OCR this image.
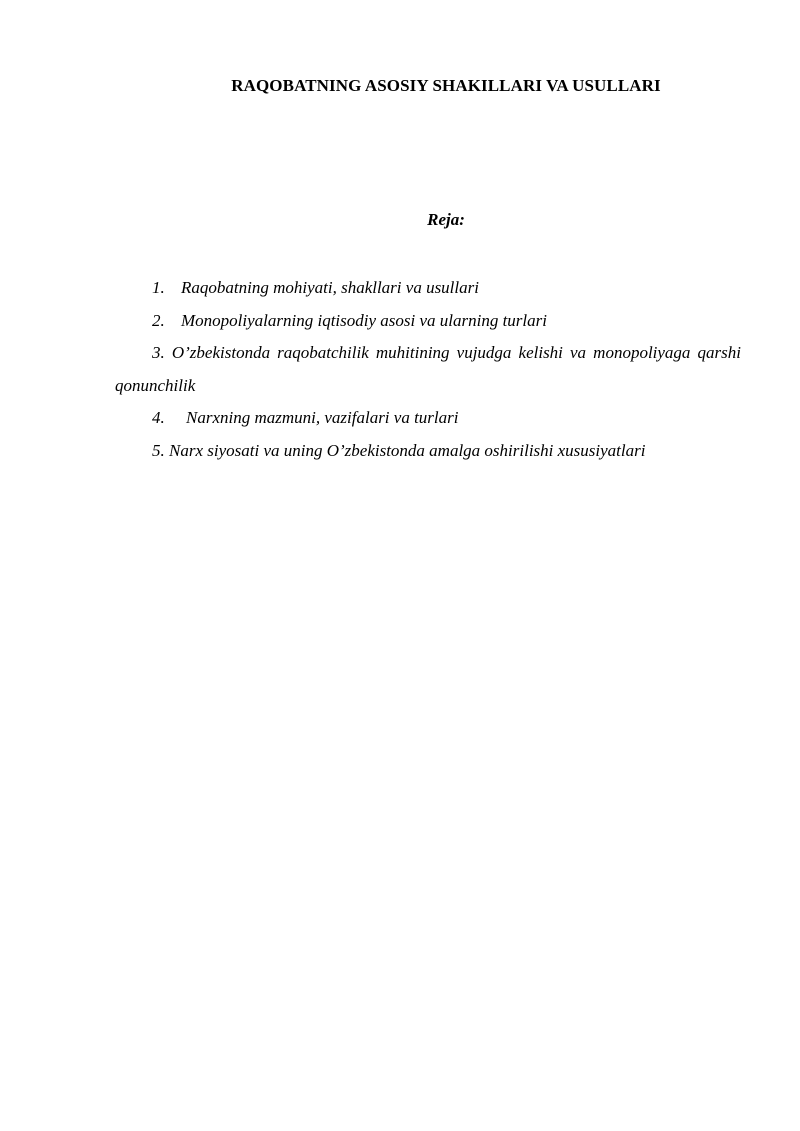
RAQOBATNING ASOSIY SHAKILLARI VA USULLARI
Reja:
1. Raqobatning mohiyati, shakllari va usullari
2. Monopoliyalarning iqtisodiy asosi va ularning turlari
3. O’zbekistonda raqobatchilik muhitining vujudga kelishi va monopoliyaga qarshi qonunchilik
4. Narxning mazmuni, vazifalari va turlari
5. Narx siyosati va uning O’zbekistonda amalga oshirilishi xususiyatlari
